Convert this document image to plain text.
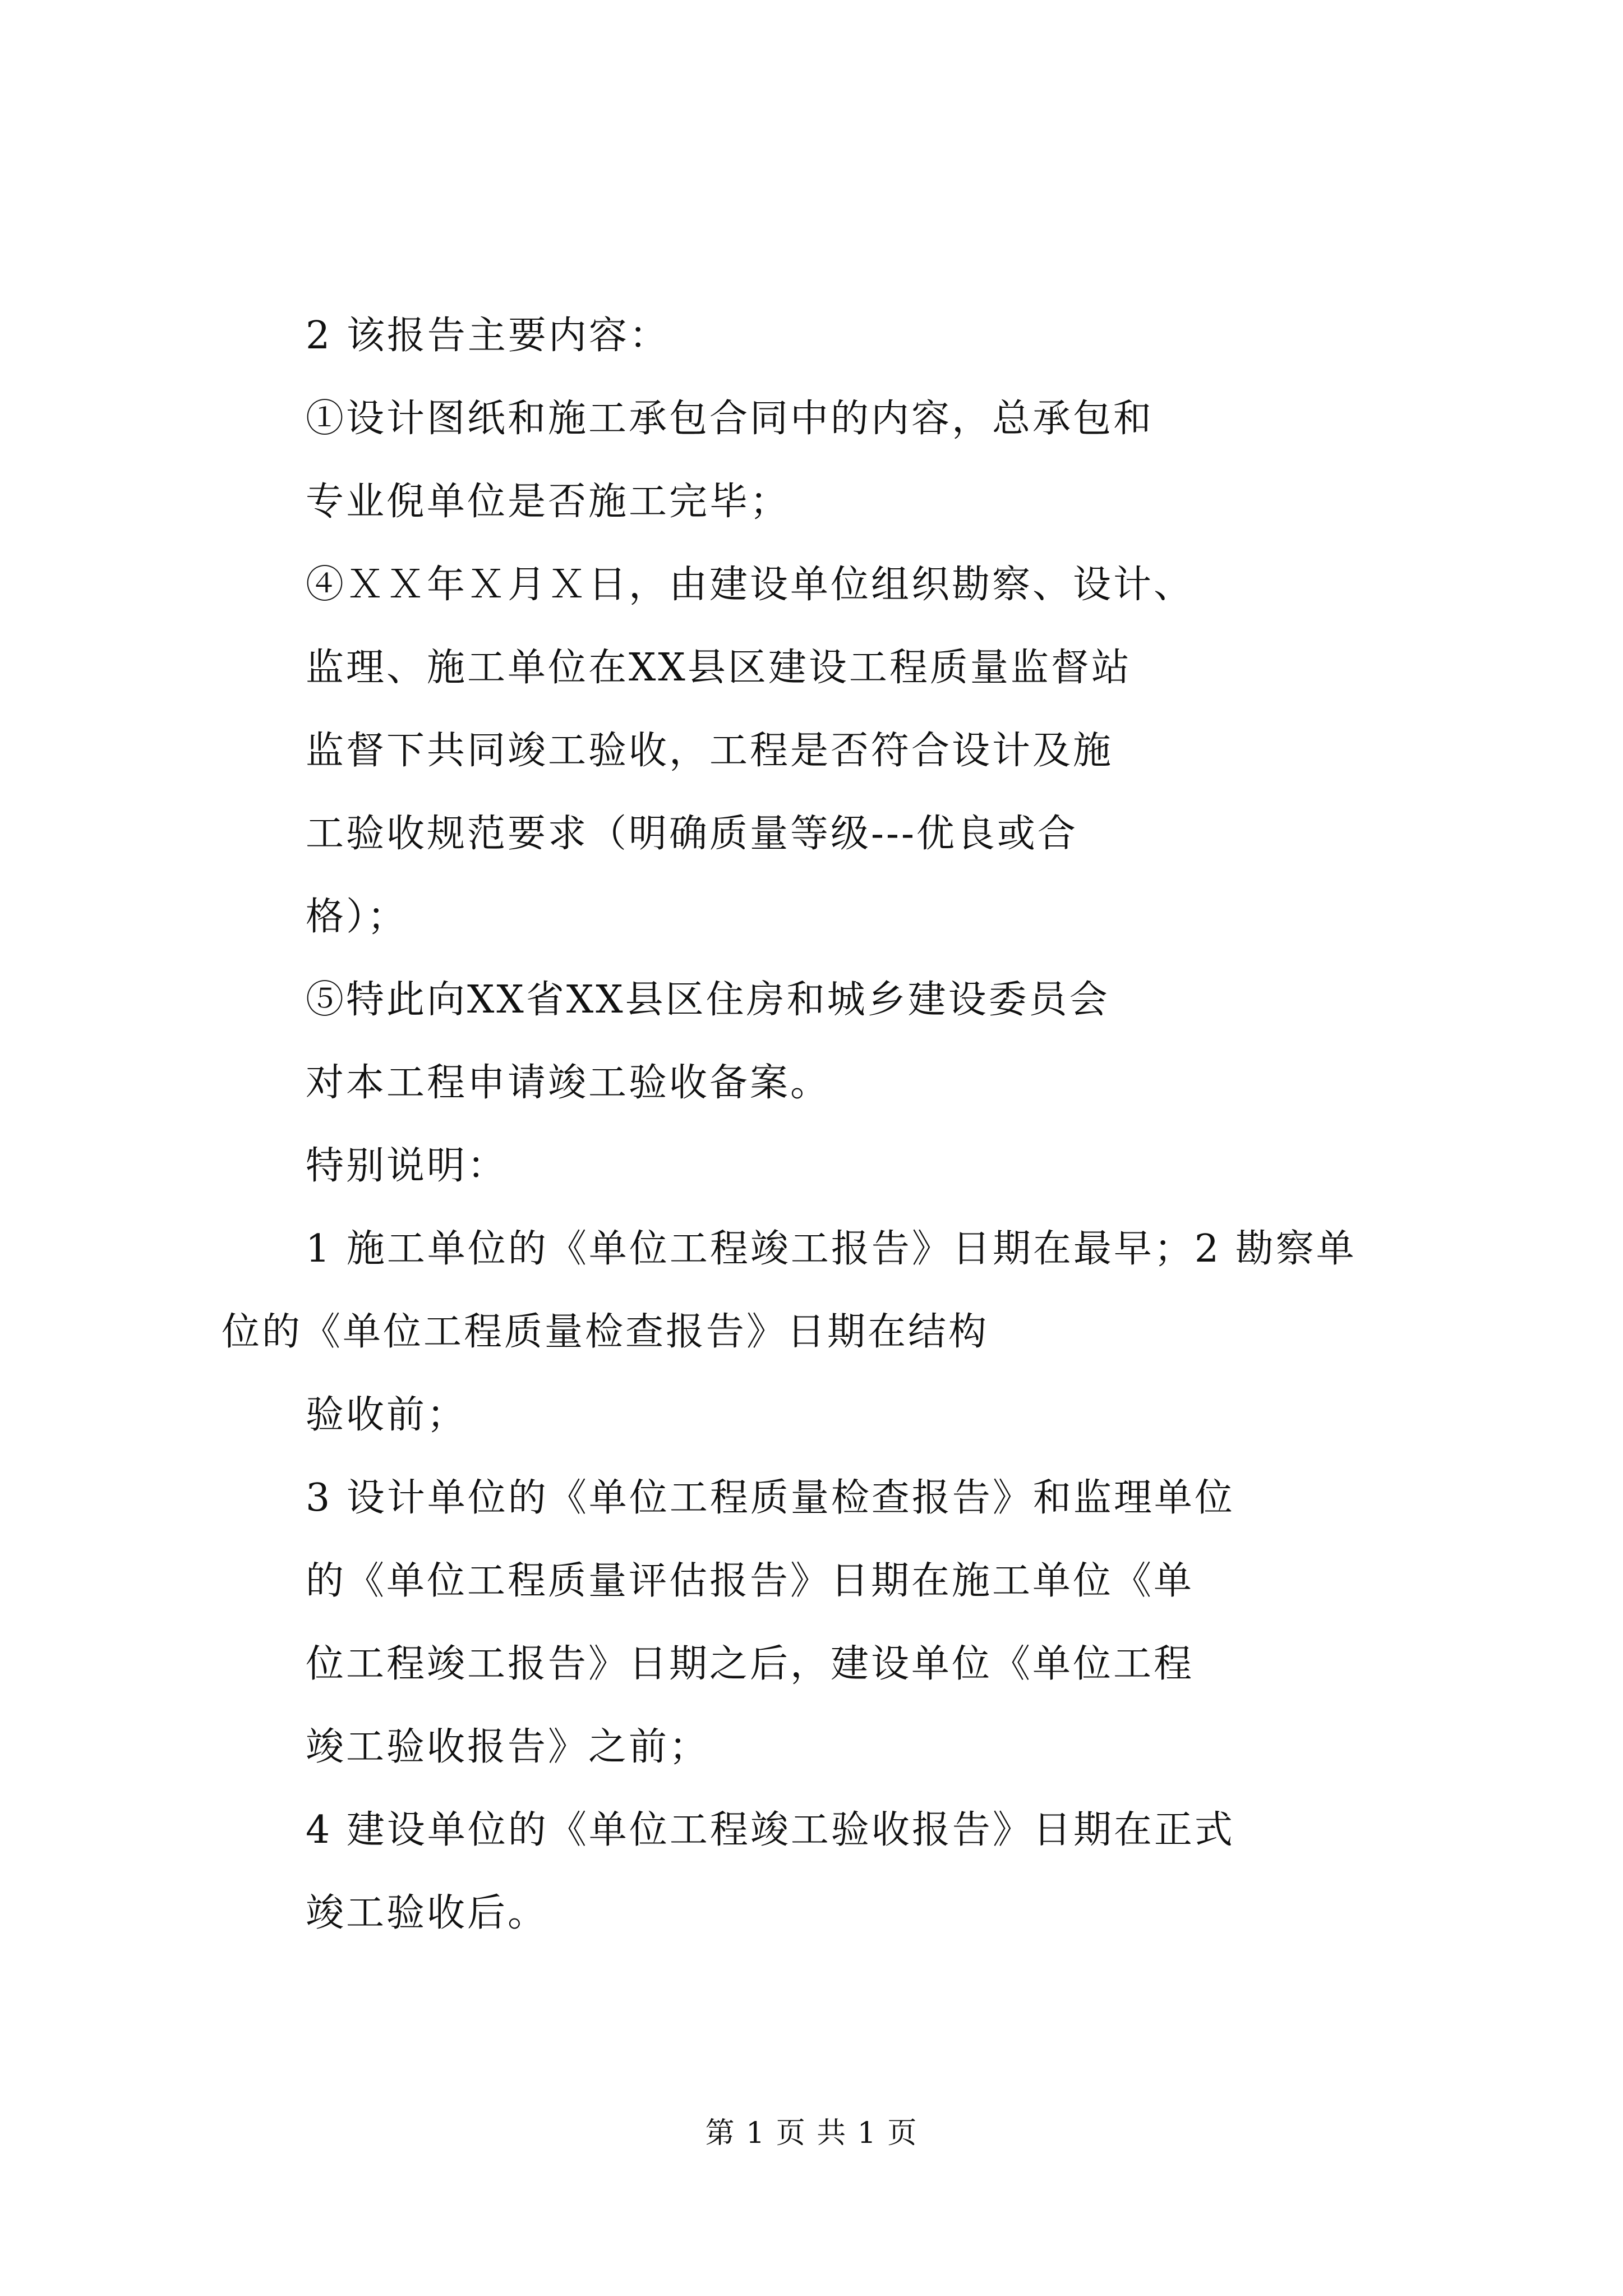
2 该报告主要内容：
①设计图纸和施工承包合同中的内容，总承包和
专业倪单位是否施工完毕；
④ＸＸ年Ｘ月Ｘ日，由建设单位组织勘察、设计、
监理、施工单位在XX县区建设工程质量监督站
监督下共同竣工验收，工程是否符合设计及施
工验收规范要求（明确质量等级---优良或合
格）；
⑤特此向XX省XX县区住房和城乡建设委员会
对本工程申请竣工验收备案。
特别说明：
1 施工单位的《单位工程竣工报告》日期在最早；2 勘察单
位的《单位工程质量检查报告》日期在结构
验收前；
3 设计单位的《单位工程质量检查报告》和监理单位
的《单位工程质量评估报告》日期在施工单位《单
位工程竣工报告》日期之后，建设单位《单位工程
竣工验收报告》之前；
4 建设单位的《单位工程竣工验收报告》日期在正式
竣工验收后。
第 1 页 共 1 页
